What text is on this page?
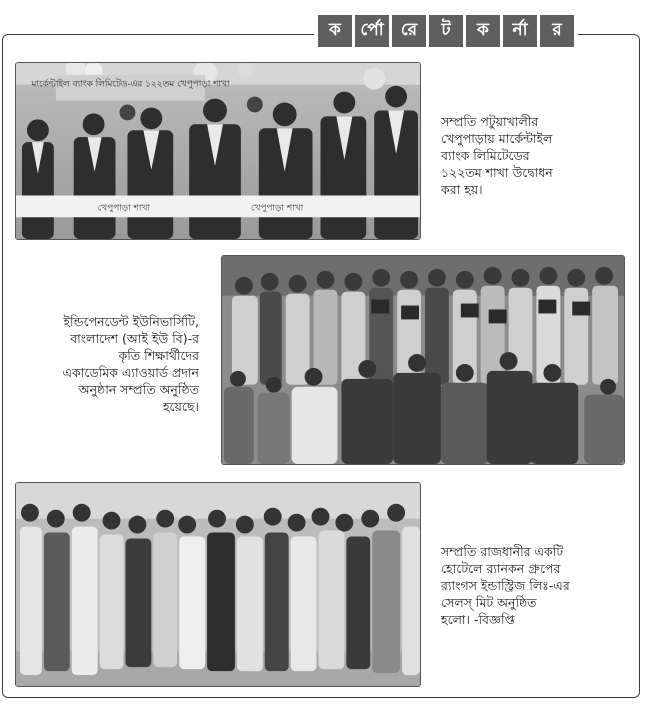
ক	র্পো	রে	ট	ক	র্না	র
মার্কেন্টাইল ব্যাংক লিমিটেড-এর ১২২তম খেপুপাড়া শাখা
খেপুপাড়া শাখা	খেপুপাড়া শাখা
সম্প্রতি পটুয়াখালীর
খেপুপাড়ায় মার্কেন্টাইল
ব্যাংক লিমিটেডের
১২২তম শাখা উদ্বোধন
করা হয়।
ইন্ডিপেনডেন্ট ইউনিভার্সিটি,
বাংলাদেশ (আই ইউ বি)-র
কৃতি শিক্ষার্থীদের
একাডেমিক এ্যাওয়ার্ড প্রদান
অনুষ্ঠান সম্প্রতি অনুষ্ঠিত
হয়েছে।
সম্প্রতি রাজধানীর একটি
হোটেলে র‌্যানকন গ্রুপের
র‌্যাংগস ইন্ডাস্ট্রিজ লিঃ-এর
সেলস্ মিট অনুষ্ঠিত
হলো। -বিজ্ঞপ্তি
